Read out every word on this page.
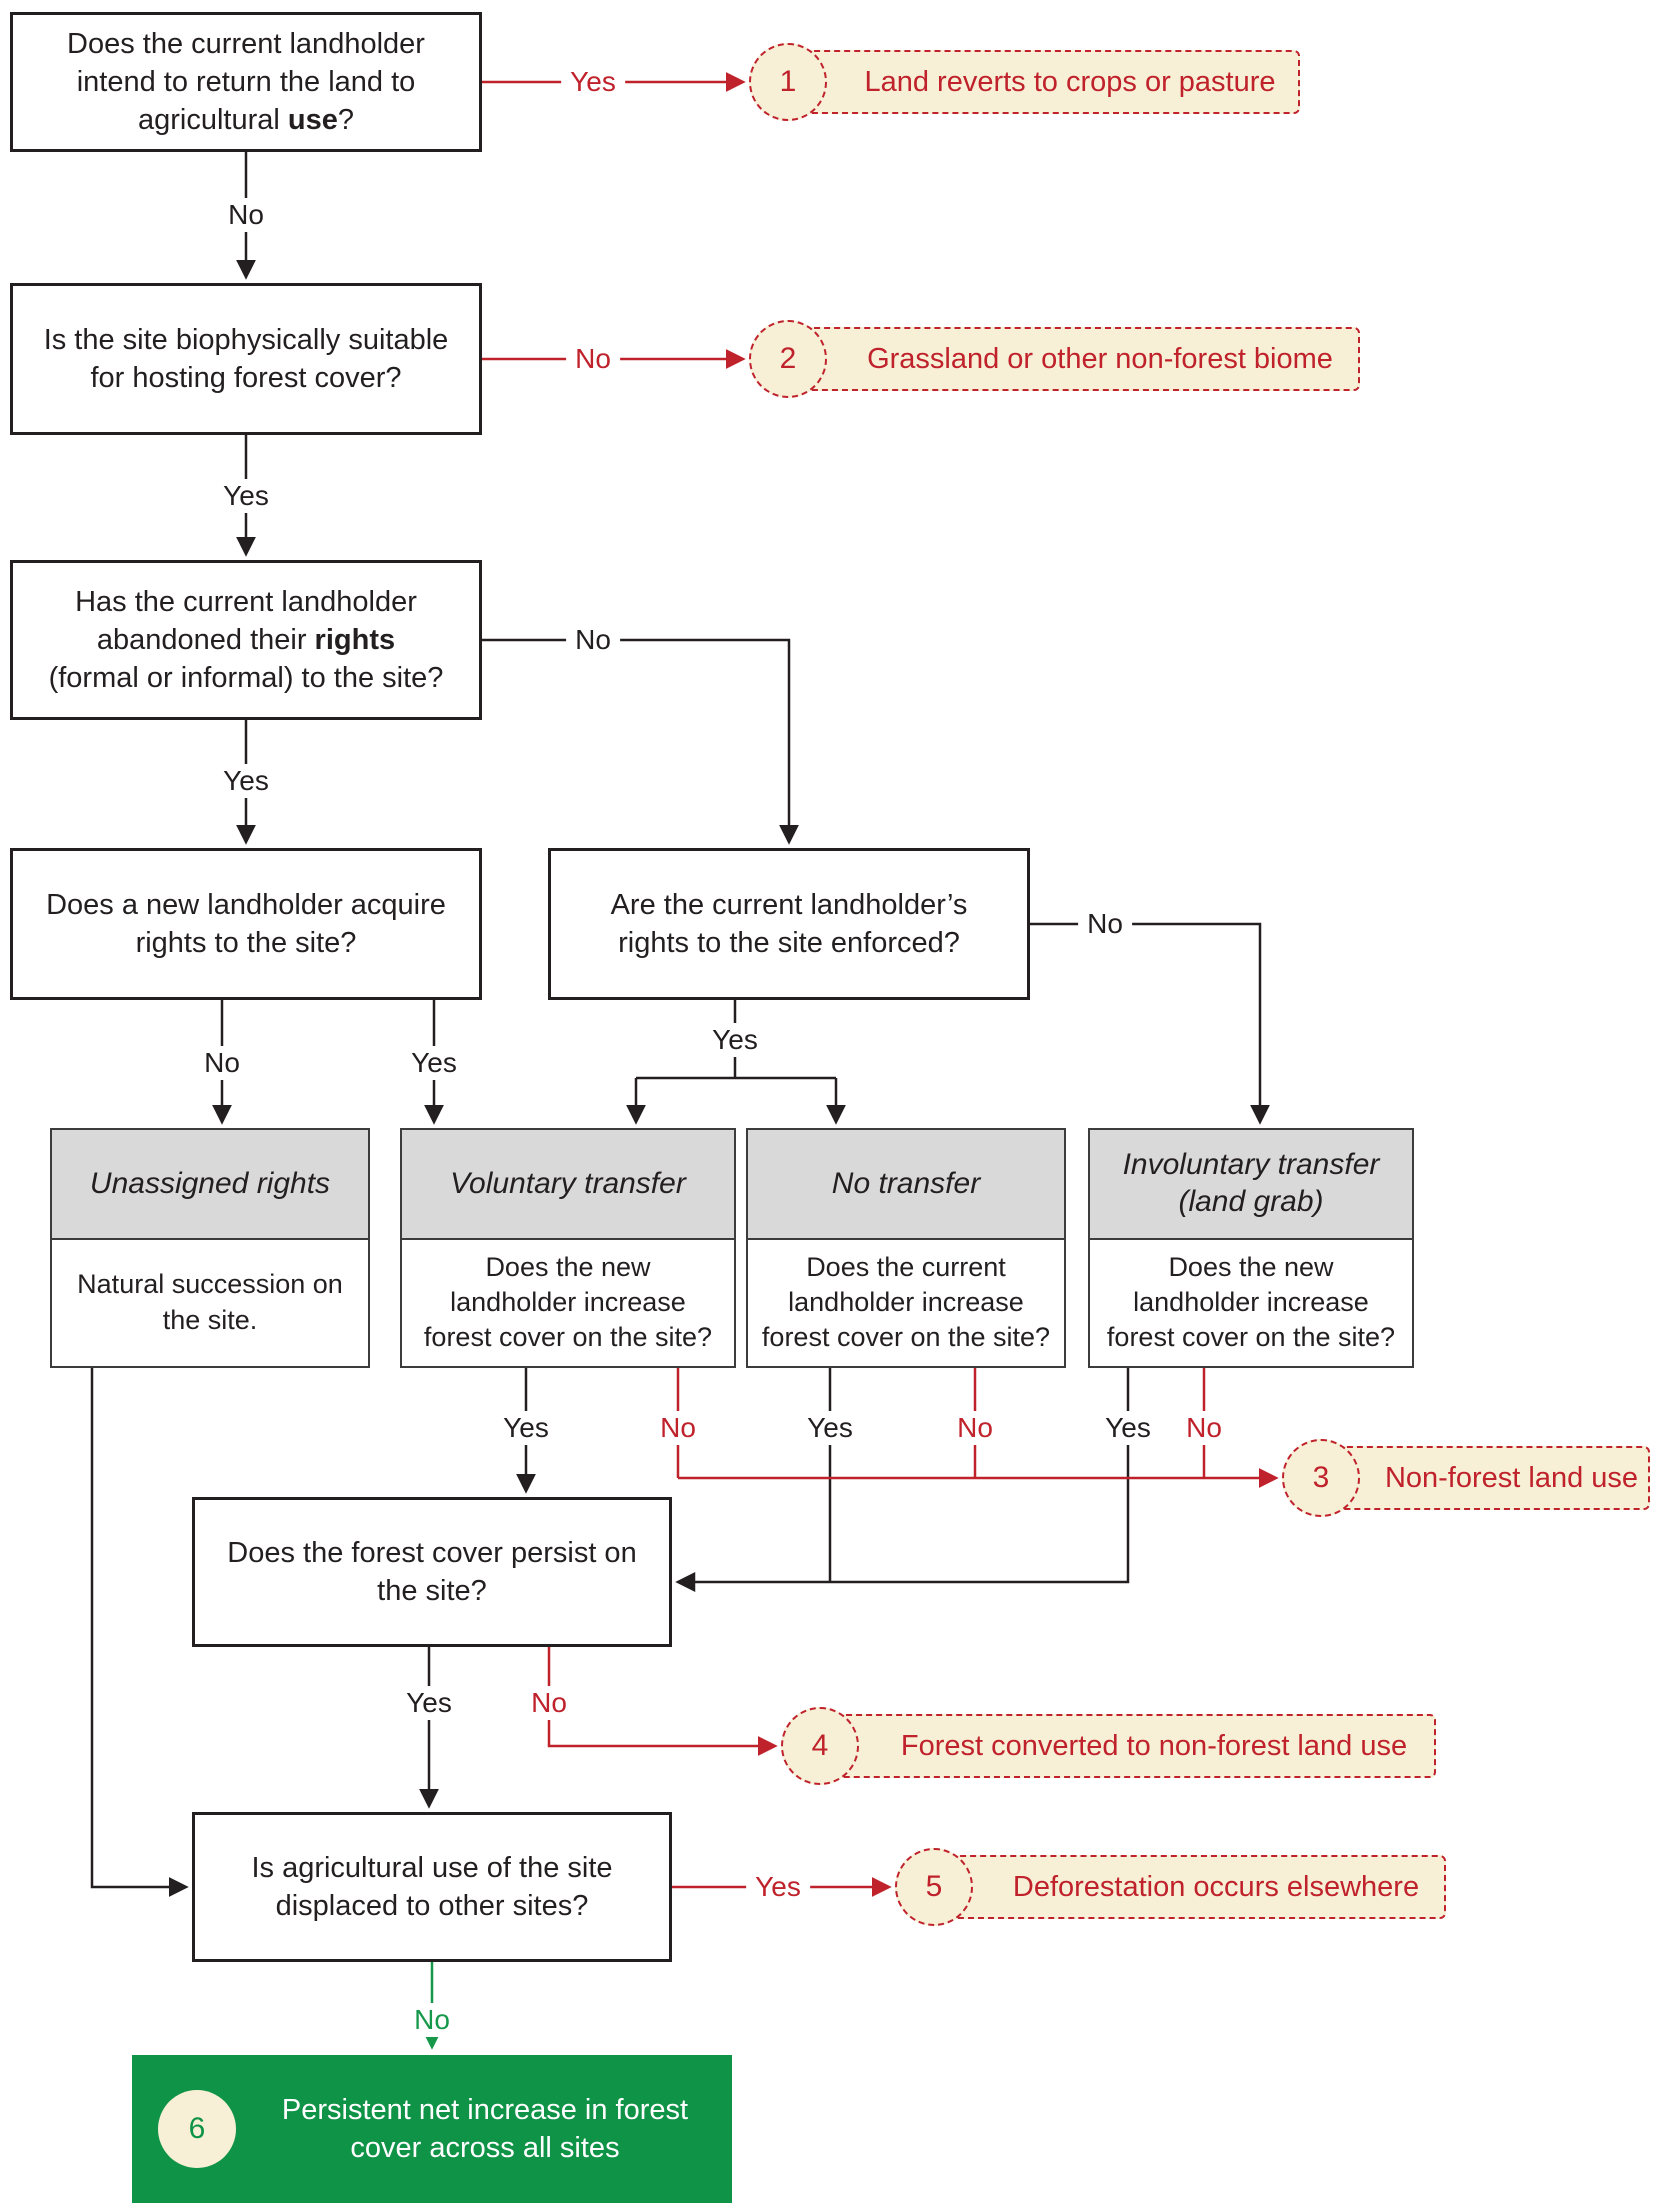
Does the current landholder
intend to return the land to
agricultural use?
Is the site biophysically suitable
for hosting forest cover?
Has the current landholder
abandoned their rights
(formal or informal) to the site?
Does a new landholder acquire
rights to the site?
Are the current landholder’s
rights to the site enforced?
Unassigned rights
Natural succession on
the site.
Voluntary transfer
Does the new
landholder increase
forest cover on the site?
No transfer
Does the current
landholder increase
forest cover on the site?
Involuntary transfer
(land grab)
Does the new
landholder increase
forest cover on the site?
Does the forest cover persist on
the site?
Is agricultural use of the site
displaced to other sites?
Land reverts to crops or pasture
1
Grassland or other non-forest biome
2
Non-forest land use
3
Forest converted to non-forest land use
4
Deforestation occurs elsewhere
5
6
Persistent net increase in forest
cover across all sites
No
Yes
Yes
No
Yes
No
No	Yes
Yes
No
Yes	No	Yes	No	Yes	No
Yes	No
Yes
No
